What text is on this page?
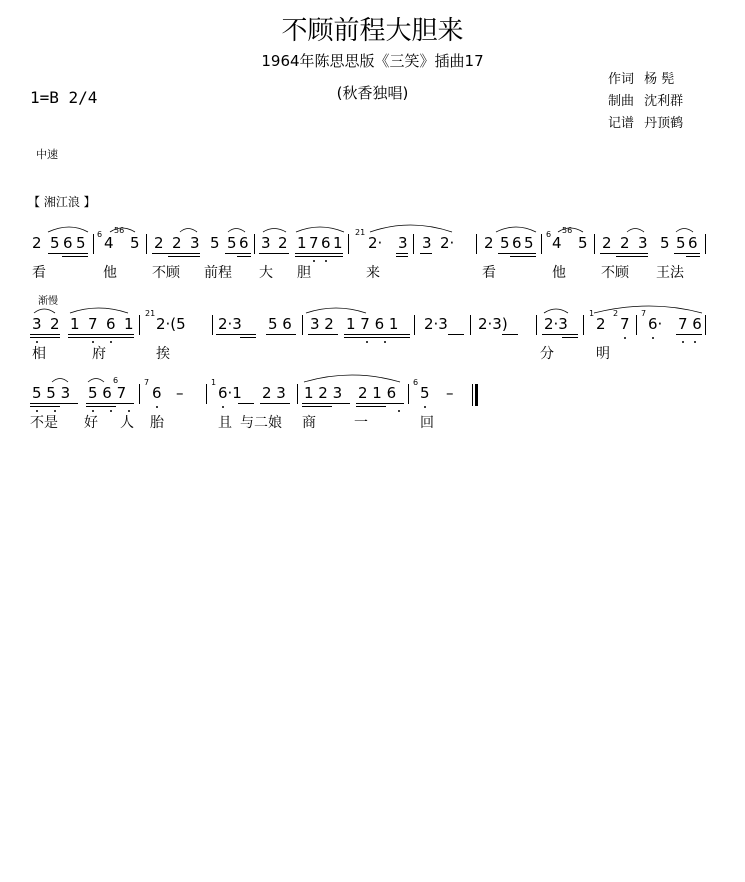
不顾前程大胆来
1964年陈思思版《三笑》插曲17
(秋香独唱)
1=B 2/4
作词 杨 髡
制曲 沈利群
记谱 丹顶鹤
中速
【 湘江浪 】
渐慢
2 5 6 5 6 4
56
5 2 2 3 5 5 6 3 2 1 7 6 1
21
2· 3 3 2· 2 5 6 5 6 4
56
5 2 2 3 5 5 6
看	他	不顾 前程 大 胆	来	看	他	不顾 王法
3 2 1 7 6 1
21
2·(5 2·3 5 6 3 2 1 7 6 1 2·3 2·3) 2·3
1
2
2
7
7
6· 7 6
相	府	挨	分	明
5 5 3
6
5 6 7
7
6 –
1
6·1 2 3 1 2 3 2 1 6
6
5 –
不是 好 人 胎	且 与二娘 商	一	回
